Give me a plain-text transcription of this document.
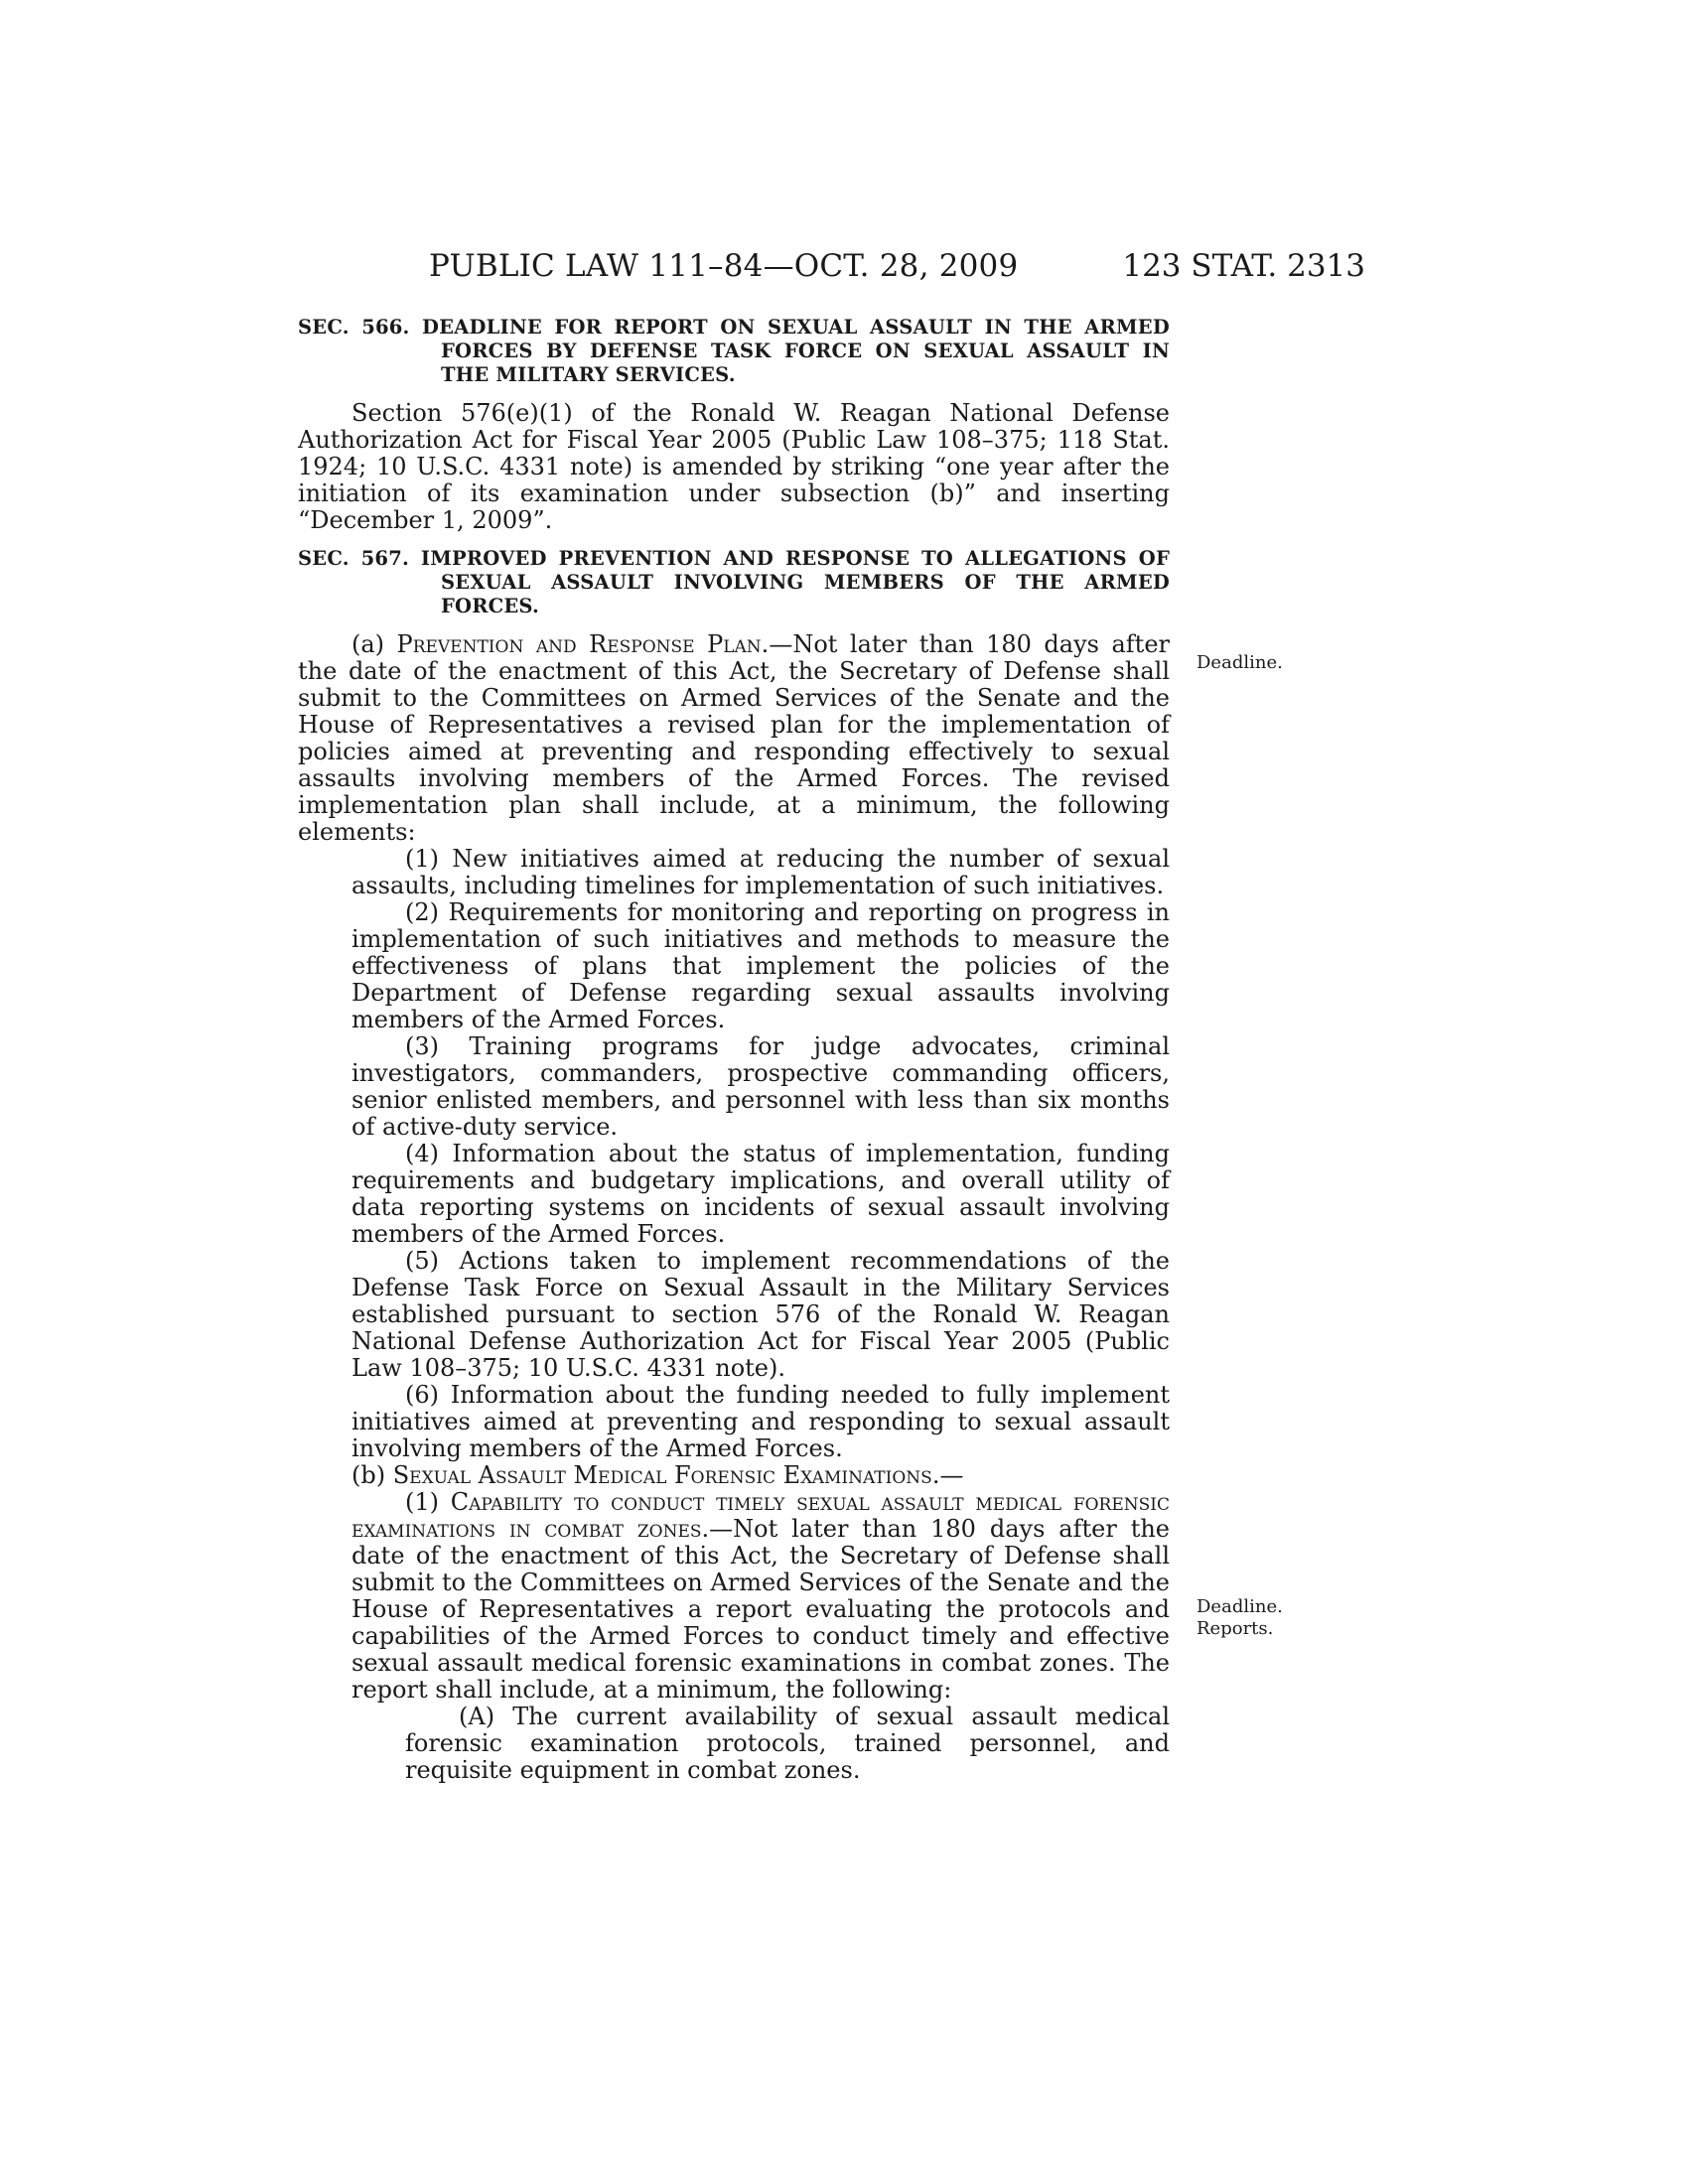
PUBLIC LAW 111–84—OCT. 28, 2009	123 STAT. 2313

SEC. 566. DEADLINE FOR REPORT ON SEXUAL ASSAULT IN THE ARMED FORCES BY DEFENSE TASK FORCE ON SEXUAL ASSAULT IN THE MILITARY SERVICES.

Section 576(e)(1) of the Ronald W. Reagan National Defense Authorization Act for Fiscal Year 2005 (Public Law 108–375; 118 Stat. 1924; 10 U.S.C. 4331 note) is amended by striking “one year after the initiation of its examination under subsection (b)” and inserting “December 1, 2009”.

SEC. 567. IMPROVED PREVENTION AND RESPONSE TO ALLEGATIONS OF SEXUAL ASSAULT INVOLVING MEMBERS OF THE ARMED FORCES.

(a) Prevention and Response Plan.—Not later than 180 days after the date of the enactment of this Act, the Secretary of Defense shall submit to the Committees on Armed Services of the Senate and the House of Representatives a revised plan for the implementation of policies aimed at preventing and responding effectively to sexual assaults involving members of the Armed Forces. The revised implementation plan shall include, at a minimum, the following elements:

(1) New initiatives aimed at reducing the number of sexual assaults, including timelines for implementation of such initiatives.

(2) Requirements for monitoring and reporting on progress in implementation of such initiatives and methods to measure the effectiveness of plans that implement the policies of the Department of Defense regarding sexual assaults involving members of the Armed Forces.

(3) Training programs for judge advocates, criminal investigators, commanders, prospective commanding officers, senior enlisted members, and personnel with less than six months of active-duty service.

(4) Information about the status of implementation, funding requirements and budgetary implications, and overall utility of data reporting systems on incidents of sexual assault involving members of the Armed Forces.

(5) Actions taken to implement recommendations of the Defense Task Force on Sexual Assault in the Military Services established pursuant to section 576 of the Ronald W. Reagan National Defense Authorization Act for Fiscal Year 2005 (Public Law 108–375; 10 U.S.C. 4331 note).

(6) Information about the funding needed to fully implement initiatives aimed at preventing and responding to sexual assault involving members of the Armed Forces.

(b) Sexual Assault Medical Forensic Examinations.—

(1) Capability to conduct timely sexual assault medical forensic examinations in combat zones.—Not later than 180 days after the date of the enactment of this Act, the Secretary of Defense shall submit to the Committees on Armed Services of the Senate and the House of Representatives a report evaluating the protocols and capabilities of the Armed Forces to conduct timely and effective sexual assault medical forensic examinations in combat zones. The report shall include, at a minimum, the following:

(A) The current availability of sexual assault medical forensic examination protocols, trained personnel, and requisite equipment in combat zones.

Deadline.
Deadline.
Reports.
